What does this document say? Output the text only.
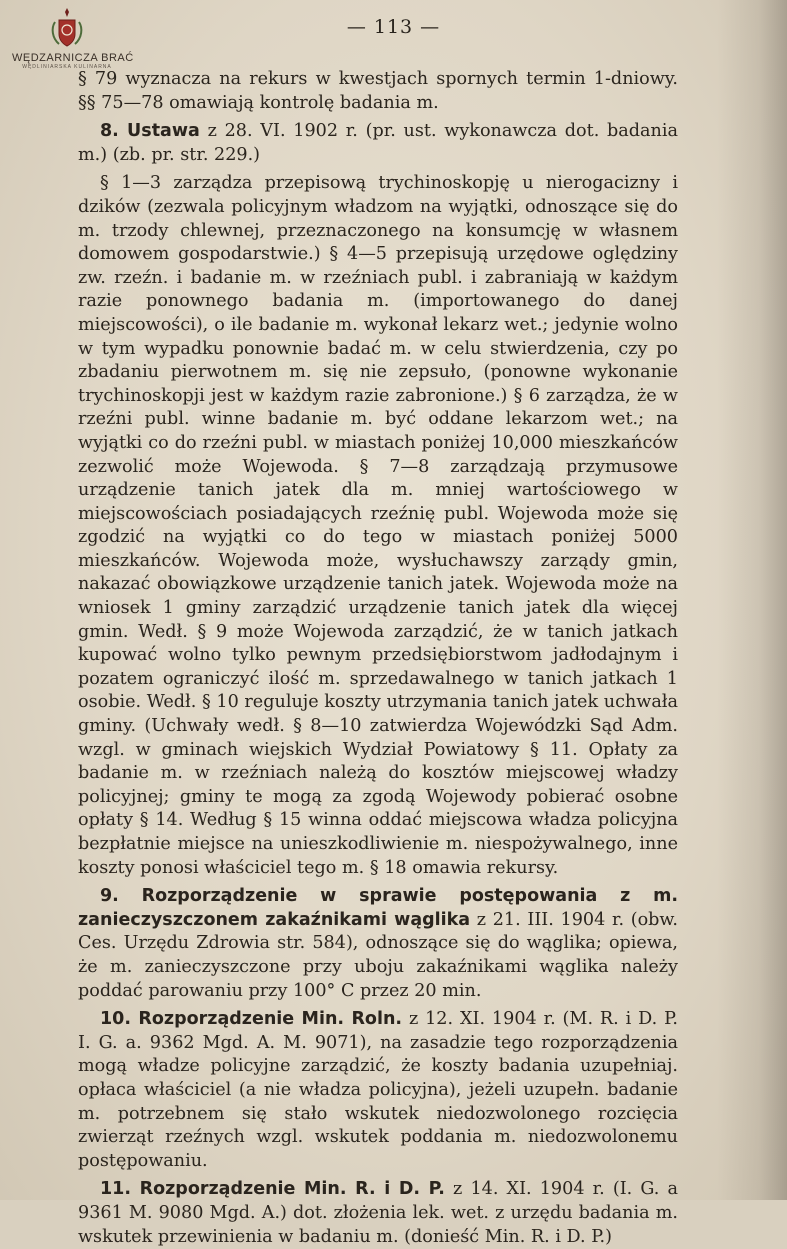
WĘDZARNICZA BRAĆ
WĘDLINIARSKA KULINARNA
— 113 —

§ 79 wyznacza na rekurs w kwestjach spornych termin 1-dniowy. §§ 75—78 omawiają kontrolę badania m.

8. Ustawa z 28. VI. 1902 r. (pr. ust. wykonawcza dot. badania m.) (zb. pr. str. 229.)

§ 1—3 zarządza przepisową trychinoskopję u nierogacizny i dzików (zezwala policyjnym władzom na wyjątki, odnoszące się do m. trzody chlewnej, przeznaczonego na konsumcję w własnem domowem gospodarstwie.) § 4—5 przepisują urzędowe oględziny zw. rzeźn. i badanie m. w rzeźniach publ. i zabraniają w każdym razie ponownego badania m. (importowanego do danej miejscowości), o ile badanie m. wykonał lekarz wet.; jedynie wolno w tym wypadku ponownie badać m. w celu stwierdzenia, czy po zbadaniu pierwotnem m. się nie zepsuło, (ponowne wykonanie trychinoskopji jest w każdym razie zabronione.) § 6 zarządza, że w rzeźni publ. winne badanie m. być oddane lekarzom wet.; na wyjątki co do rzeźni publ. w miastach poniżej 10,000 mieszkańców zezwolić może Wojewoda. § 7—8 zarządzają przymusowe urządzenie tanich jatek dla m. mniej wartościowego w miejscowościach posiadających rzeźnię publ. Wojewoda może się zgodzić na wyjątki co do tego w miastach poniżej 5000 mieszkańców. Wojewoda może, wysłuchawszy zarządy gmin, nakazać obowiązkowe urządzenie tanich jatek. Wojewoda może na wniosek 1 gminy zarządzić urządzenie tanich jatek dla więcej gmin. Wedł. § 9 może Wojewoda zarządzić, że w tanich jatkach kupować wolno tylko pewnym przedsiębiorstwom jadłodajnym i pozatem ograniczyć ilość m. sprzedawalnego w tanich jatkach 1 osobie. Wedł. § 10 reguluje koszty utrzymania tanich jatek uchwała gminy. (Uchwały wedł. § 8—10 zatwierdza Wojewódzki Sąd Adm. wzgl. w gminach wiejskich Wydział Powiatowy § 11. Opłaty za badanie m. w rzeźniach należą do kosztów miejscowej władzy policyjnej; gminy te mogą za zgodą Wojewody pobierać osobne opłaty § 14. Według § 15 winna oddać miejscowa władza policyjna bezpłatnie miejsce na unieszkodliwienie m. niespożywalnego, inne koszty ponosi właściciel tego m. § 18 omawia rekursy.

9. Rozporządzenie w sprawie postępowania z m. zanieczyszczonem zakaźnikami wąglika z 21. III. 1904 r. (obw. Ces. Urzędu Zdrowia str. 584), odnoszące się do wąglika; opiewa, że m. zanieczyszczone przy uboju zakaźnikami wąglika należy poddać parowaniu przy 100° C przez 20 min.

10. Rozporządzenie Min. Roln. z 12. XI. 1904 r. (M. R. i D. P. I. G. a. 9362 Mgd. A. M. 9071), na zasadzie tego rozporządzenia mogą władze policyjne zarządzić, że koszty badania uzupełniaj. opłaca właściciel (a nie władza policyjna), jeżeli uzupełn. badanie m. potrzebnem się stało wskutek niedozwolonego rozcięcia zwierząt rzeźnych wzgl. wskutek poddania m. niedozwolonemu postępowaniu.

11. Rozporządzenie Min. R. i D. P. z 14. XI. 1904 r. (I. G. a 9361 M. 9080 Mgd. A.) dot. złożenia lek. wet. z urzędu badania m. wskutek przewinienia w badaniu m. (donieść Min. R. i D. P.)
